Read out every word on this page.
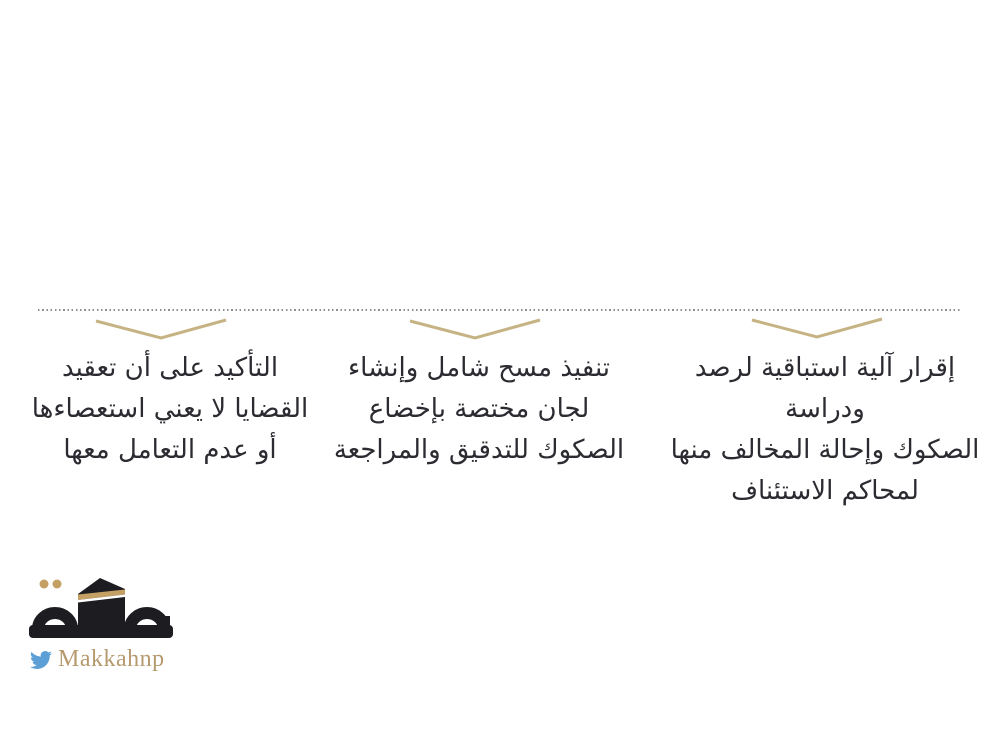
إقرار آلية استباقية لرصد ودراسة
الصكوك وإحالة المخالف منها
لمحاكم الاستئناف
تنفيذ مسح شامل وإنشاء
لجان مختصة بإخضاع
الصكوك للتدقيق والمراجعة
التأكيد على أن تعقيد
القضايا لا يعني استعصاءها
أو عدم التعامل معها
Makkahnp
